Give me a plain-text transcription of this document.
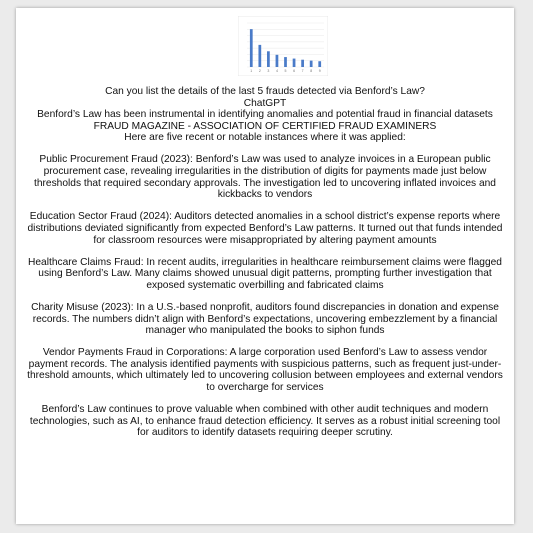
1 2 3 4 5 6 7 8 9

Can you list the details of the last 5 frauds detected via Benford’s Law?

ChatGPT

Benford’s Law has been instrumental in identifying anomalies and potential fraud in financial datasets

FRAUD MAGAZINE - ASSOCIATION OF CERTIFIED FRAUD EXAMINERS

Here are five recent or notable instances where it was applied:

Public Procurement Fraud (2023): Benford’s Law was used to analyze invoices in a European public procurement case, revealing irregularities in the distribution of digits for payments made just below thresholds that required secondary approvals. The investigation led to uncovering inflated invoices and kickbacks to vendors

Education Sector Fraud (2024): Auditors detected anomalies in a school district’s expense reports where distributions deviated significantly from expected Benford’s Law patterns. It turned out that funds intended for classroom resources were misappropriated by altering payment amounts

Healthcare Claims Fraud: In recent audits, irregularities in healthcare reimbursement claims were flagged using Benford’s Law. Many claims showed unusual digit patterns, prompting further investigation that exposed systematic overbilling and fabricated claims

Charity Misuse (2023): In a U.S.-based nonprofit, auditors found discrepancies in donation and expense records. The numbers didn’t align with Benford’s expectations, uncovering embezzlement by a financial manager who manipulated the books to siphon funds

Vendor Payments Fraud in Corporations: A large corporation used Benford’s Law to assess vendor payment records. The analysis identified payments with suspicious patterns, such as frequent just-under-threshold amounts, which ultimately led to uncovering collusion between employees and external vendors to overcharge for services

Benford’s Law continues to prove valuable when combined with other audit techniques and modern technologies, such as AI, to enhance fraud detection efficiency. It serves as a robust initial screening tool for auditors to identify datasets requiring deeper scrutiny.
